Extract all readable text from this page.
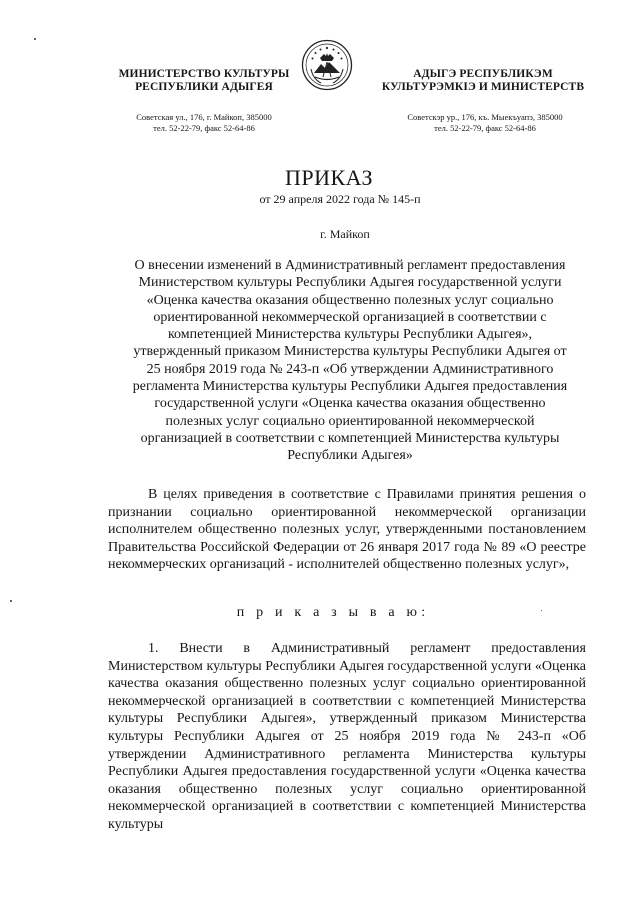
МИНИСТЕРСТВО КУЛЬТУРЫ
РЕСПУБЛИКИ АДЫГЕЯ
АДЫГЭ РЕСПУБЛИКЭМ
КУЛЬТУРЭМКІЭ И МИНИСТЕРСТВ
Советская ул., 176, г. Майкоп, 385000
тел. 52-22-79, факс 52-64-86
Советскэр ур., 176, къ. Мыекъуапэ, 385000
тел. 52-22-79, факс 52-64-86
ПРИКАЗ
от 29 апреля 2022 года № 145-п
г. Майкоп
О внесении изменений в Административный регламент предоставления
Министерством культуры Республики Адыгея государственной услуги
«Оценка качества оказания общественно полезных услуг социально
ориентированной некоммерческой организацией в соответствии с
компетенцией Министерства культуры Республики Адыгея»,
утвержденный приказом Министерства культуры Республики Адыгея от
25 ноября 2019 года № 243-п «Об утверждении Административного
регламента Министерства культуры Республики Адыгея предоставления
государственной услуги «Оценка качества оказания общественно
полезных услуг социально ориентированной некоммерческой
организацией в соответствии с компетенцией Министерства культуры
Республики Адыгея»
В целях приведения в соответствие с Правилами принятия решения о признании социально ориентированной некоммерческой организации исполнителем общественно полезных услуг, утвержденными постановлением Правительства Российской Федерации от 26 января 2017 года № 89 «О реестре некоммерческих организаций - исполнителей общественно полезных услуг»,
п р и к а з ы в а ю:
1. Внести в Административный регламент предоставления Министерством культуры Республики Адыгея государственной услуги «Оценка качества оказания общественно полезных услуг социально ориентированной некоммерческой организацией в соответствии с компетенцией Министерства культуры Республики Адыгея», утвержденный приказом Министерства культуры Республики Адыгея от 25 ноября 2019 года № 243-п «Об утверждении Административного регламента Министерства культуры Республики Адыгея предоставления государственной услуги «Оценка качества оказания общественно полезных услуг социально ориентированной некоммерческой организацией в соответствии с компетенцией Министерства культуры
